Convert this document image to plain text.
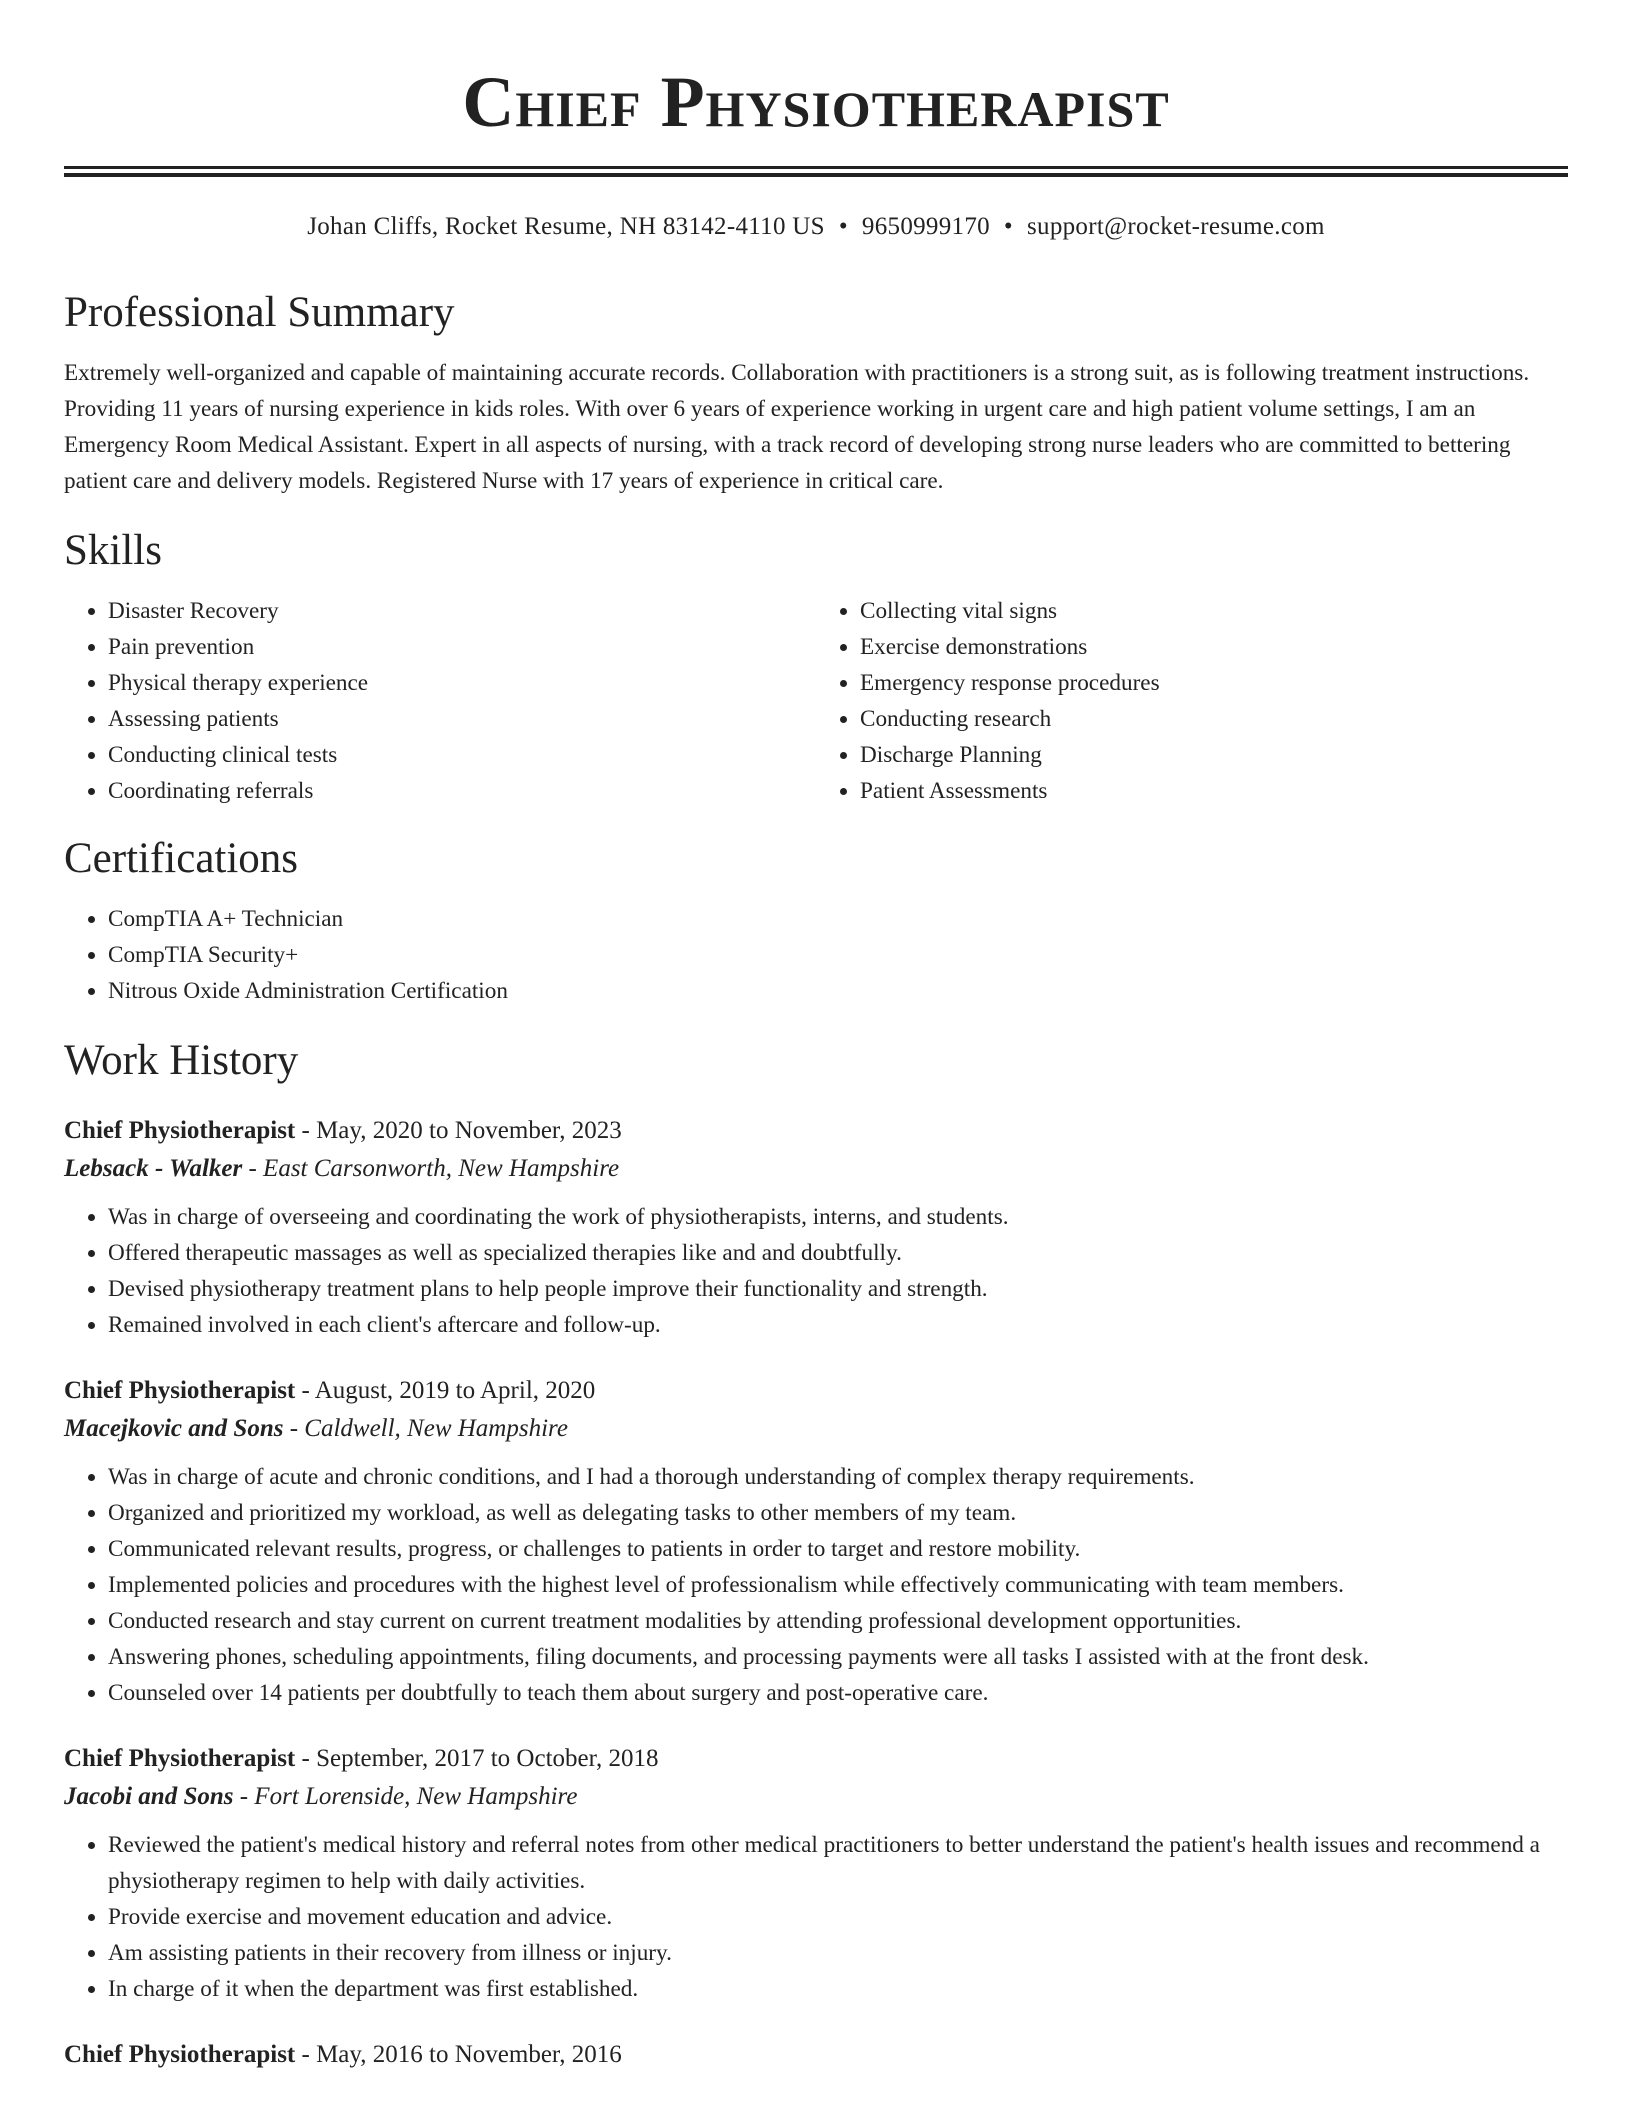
Chief Physiotherapist
Johan Cliffs, Rocket Resume, NH 83142-4110 US • 9650999170 • support@rocket-resume.com
Professional Summary
Extremely well-organized and capable of maintaining accurate records. Collaboration with practitioners is a strong suit, as is following treatment instructions. Providing 11 years of nursing experience in kids roles. With over 6 years of experience working in urgent care and high patient volume settings, I am an Emergency Room Medical Assistant. Expert in all aspects of nursing, with a track record of developing strong nurse leaders who are committed to bettering patient care and delivery models. Registered Nurse with 17 years of experience in critical care.
Skills
• Disaster Recovery
• Pain prevention
• Physical therapy experience
• Assessing patients
• Conducting clinical tests
• Coordinating referrals
• Collecting vital signs
• Exercise demonstrations
• Emergency response procedures
• Conducting research
• Discharge Planning
• Patient Assessments
Certifications
• CompTIA A+ Technician
• CompTIA Security+
• Nitrous Oxide Administration Certification
Work History
Chief Physiotherapist - May, 2020 to November, 2023
Lebsack - Walker - East Carsonworth, New Hampshire
• Was in charge of overseeing and coordinating the work of physiotherapists, interns, and students.
• Offered therapeutic massages as well as specialized therapies like and and doubtfully.
• Devised physiotherapy treatment plans to help people improve their functionality and strength.
• Remained involved in each client's aftercare and follow-up.
Chief Physiotherapist - August, 2019 to April, 2020
Macejkovic and Sons - Caldwell, New Hampshire
• Was in charge of acute and chronic conditions, and I had a thorough understanding of complex therapy requirements.
• Organized and prioritized my workload, as well as delegating tasks to other members of my team.
• Communicated relevant results, progress, or challenges to patients in order to target and restore mobility.
• Implemented policies and procedures with the highest level of professionalism while effectively communicating with team members.
• Conducted research and stay current on current treatment modalities by attending professional development opportunities.
• Answering phones, scheduling appointments, filing documents, and processing payments were all tasks I assisted with at the front desk.
• Counseled over 14 patients per doubtfully to teach them about surgery and post-operative care.
Chief Physiotherapist - September, 2017 to October, 2018
Jacobi and Sons - Fort Lorenside, New Hampshire
• Reviewed the patient's medical history and referral notes from other medical practitioners to better understand the patient's health issues and recommend a physiotherapy regimen to help with daily activities.
• Provide exercise and movement education and advice.
• Am assisting patients in their recovery from illness or injury.
• In charge of it when the department was first established.
Chief Physiotherapist - May, 2016 to November, 2016
